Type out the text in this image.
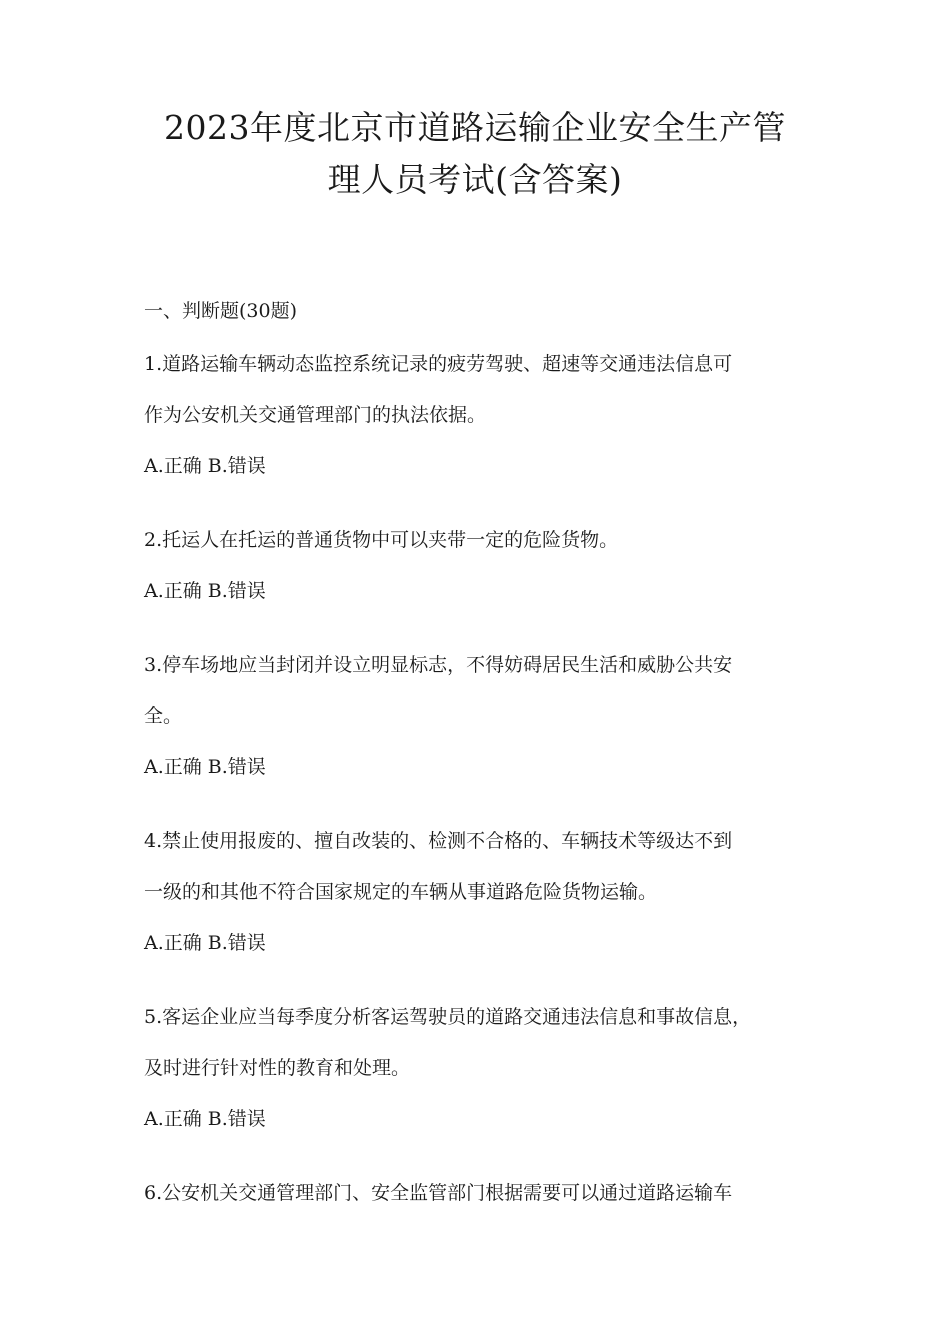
2023年度北京市道路运输企业安全生产管
理人员考试(含答案)

一、判断题(30题)

1.道路运输车辆动态监控系统记录的疲劳驾驶、超速等交通违法信息可

作为公安机关交通管理部门的执法依据。

A.正确 B.错误

2.托运人在托运的普通货物中可以夹带一定的危险货物。

A.正确 B.错误

3.停车场地应当封闭并设立明显标志，不得妨碍居民生活和威胁公共安

全。

A.正确 B.错误

4.禁止使用报废的、擅自改装的、检测不合格的、车辆技术等级达不到

一级的和其他不符合国家规定的车辆从事道路危险货物运输。

A.正确 B.错误

5.客运企业应当每季度分析客运驾驶员的道路交通违法信息和事故信息，

及时进行针对性的教育和处理。

A.正确 B.错误

6.公安机关交通管理部门、安全监管部门根据需要可以通过道路运输车
